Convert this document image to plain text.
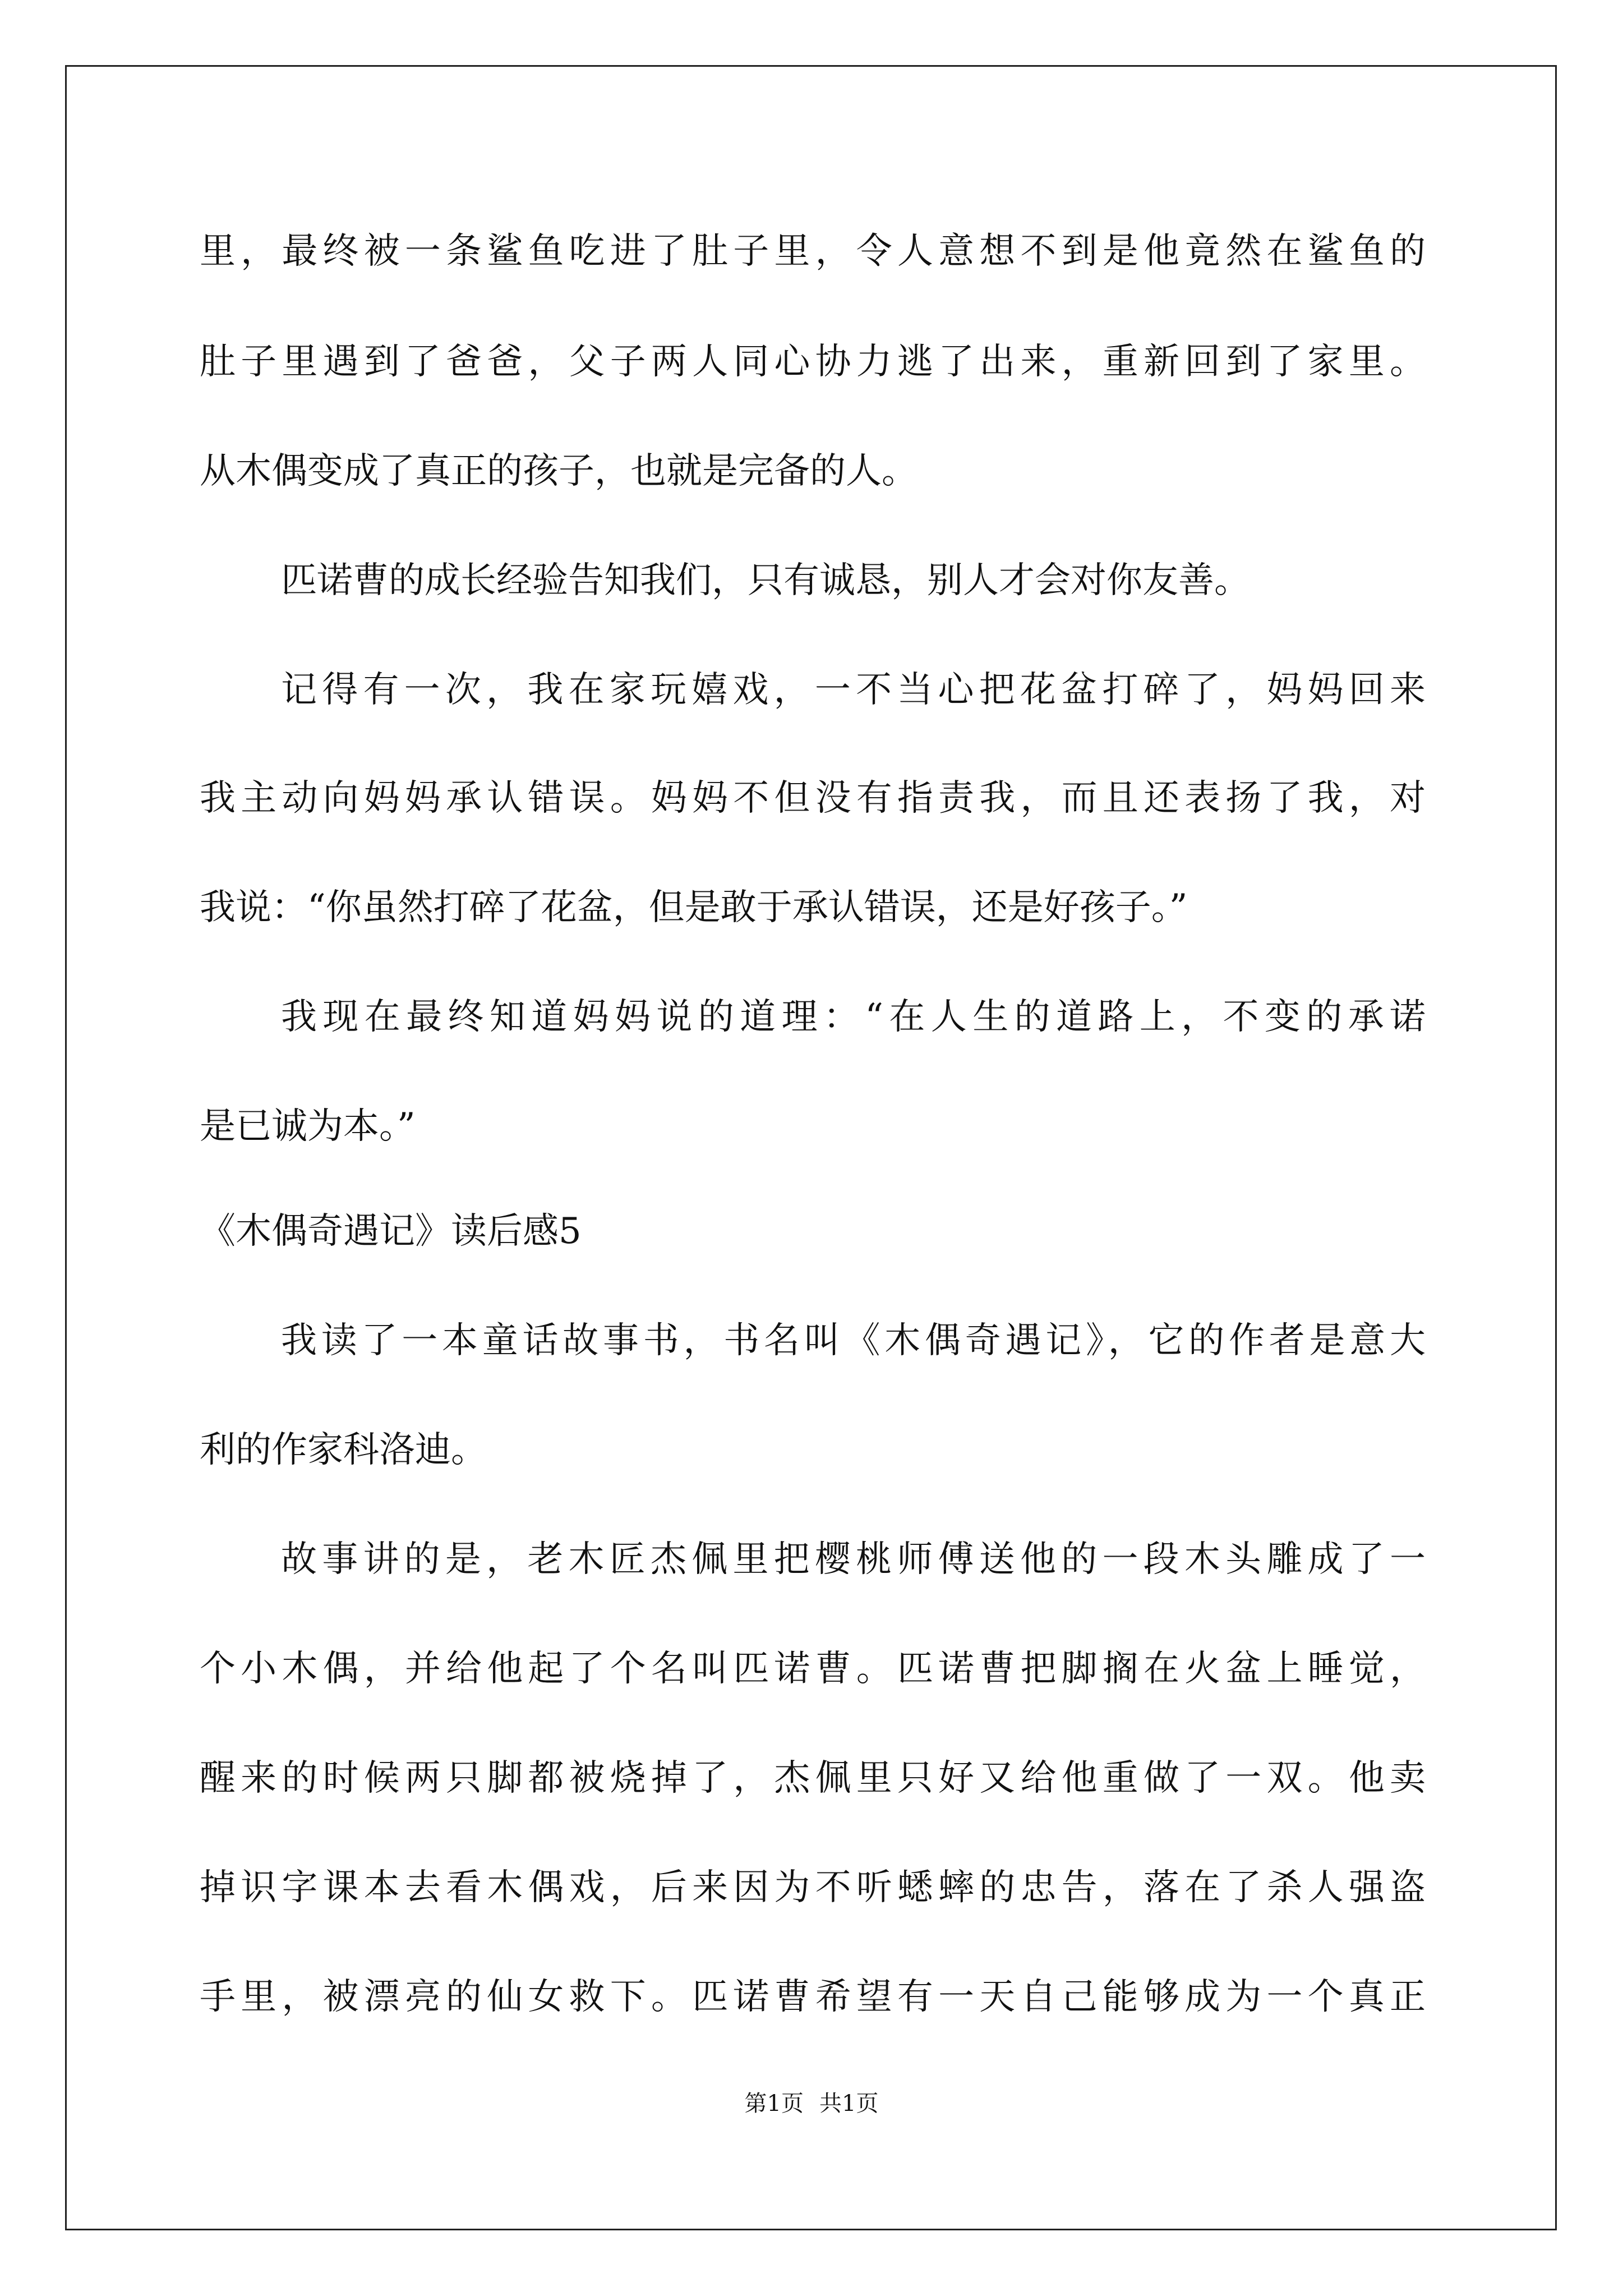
里，最终被一条鲨鱼吃进了肚子里，令人意想不到是他竟然在鲨鱼的
肚子里遇到了爸爸，父子两人同心协力逃了出来，重新回到了家里。
从木偶变成了真正的孩子，也就是完备的人。
匹诺曹的成长经验告知我们，只有诚恳，别人才会对你友善。
记得有一次，我在家玩嬉戏，一不当心把花盆打碎了，妈妈回来
我主动向妈妈承认错误。妈妈不但没有指责我，而且还表扬了我，对
我说：“你虽然打碎了花盆，但是敢于承认错误，还是好孩子。”
我现在最终知道妈妈说的道理：“在人生的道路上，不变的承诺
是已诚为本。”
《木偶奇遇记》读后感5
我读了一本童话故事书，书名叫《木偶奇遇记》，它的作者是意大
利的作家科洛迪。
故事讲的是，老木匠杰佩里把樱桃师傅送他的一段木头雕成了一
个小木偶，并给他起了个名叫匹诺曹。匹诺曹把脚搁在火盆上睡觉，
醒来的时候两只脚都被烧掉了，杰佩里只好又给他重做了一双。他卖
掉识字课本去看木偶戏，后来因为不听蟋蟀的忠告，落在了杀人强盗
手里，被漂亮的仙女救下。匹诺曹希望有一天自己能够成为一个真正
第1页 共1页
